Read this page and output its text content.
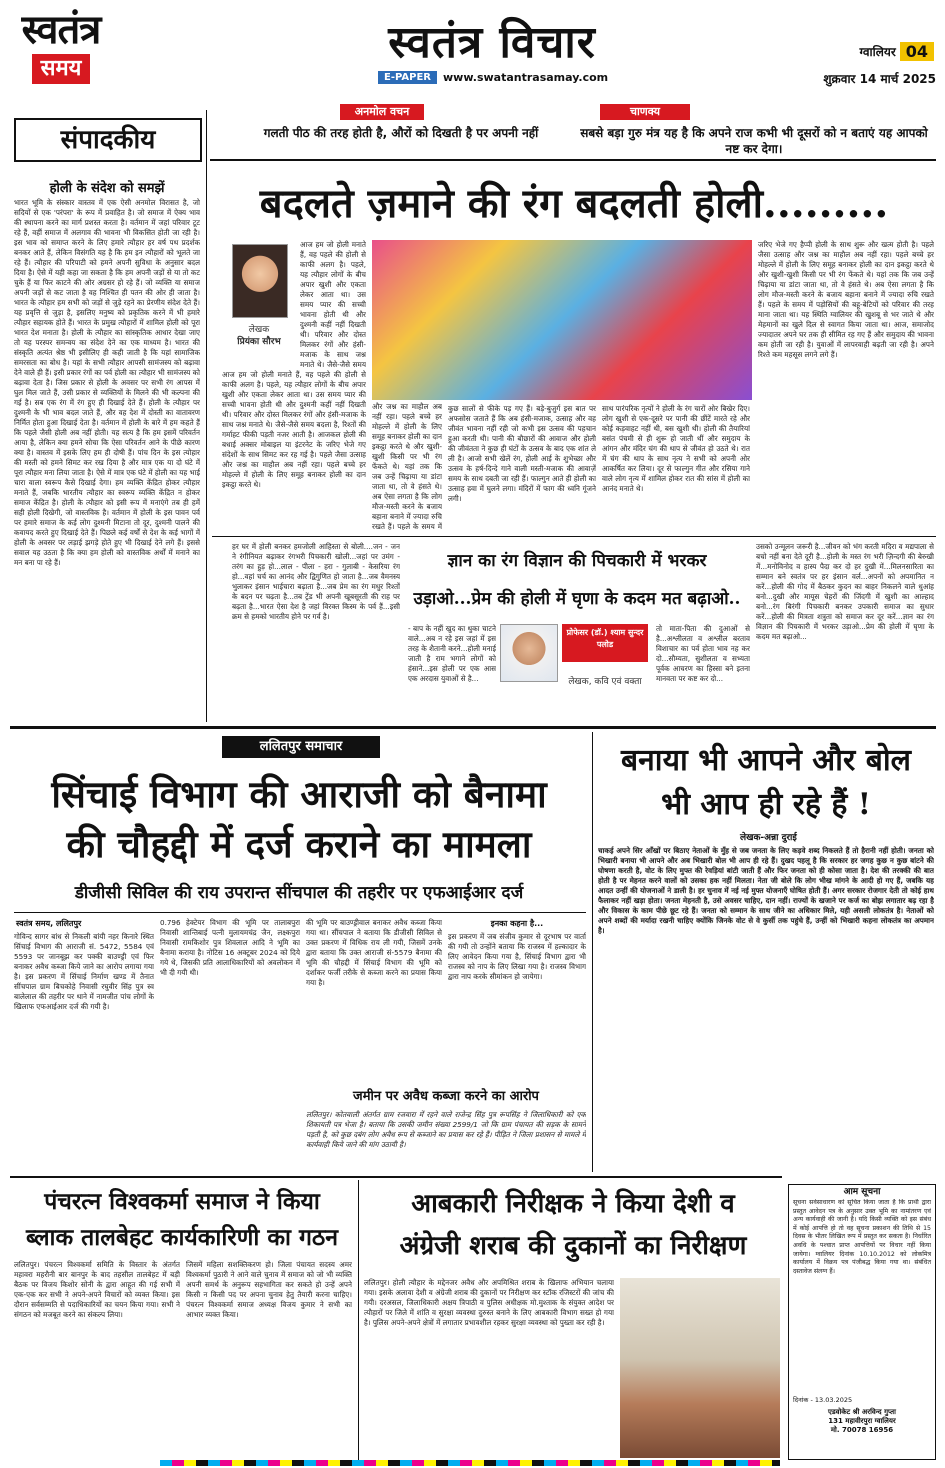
स्वतंत्र
समय
स्वतंत्र विचार
E-PAPER	www.swatantrasamay.com
ग्वालियर 04
शुक्रवार 14 मार्च 2025
अनमोल वचन
गलती पीठ की तरह होती है, औरों को दिखती है पर अपनी नहीं
चाणक्य
सबसे बड़ा गुरु मंत्र यह है कि अपने राज कभी भी दूसरों को न बताएं यह आपको नष्ट कर देगा।
संपादकीय
होली के संदेश को समझें
भारत भूमि के संस्कार वास्तव में एक ऐसी अनमोल विरासत है, जो सदियों से एक 'परंपरा' के रूप में प्रवाहित है। जो समाज में ऐक्य भाव की स्थापना करने का मार्ग प्रशस्त करता है। वर्तमान में जहां परिवार टूट रहे हैं, वहीं समाज में अलगाव की भावना भी विकसित होती जा रही है। इस भाव को समाप्त करने के लिए हमारे त्यौहार हर वर्ष पथ प्रदर्शक बनकर आते हैं, लेकिन विसंगति यह है कि हम इन त्यौहारों को भूलते जा रहे हैं। त्यौहार की परिपाटी को हमने अपनी सुविधा के अनुसार बदल दिया है। ऐसे में यही कहा जा सकता है कि हम अपनी जड़ों से या तो कट चुके हैं या फिर काटने की ओर अग्रसर हो रहे हैं। जो व्यक्ति या समाज अपनी जड़ों से कट जाता है वह निश्चित ही पतन की ओर ही जाता है। भारत के त्यौहार हम सभी को जड़ों से जुड़े रहने का प्रेरणीय संदेश देते हैं। यह प्रवृत्ति से जुड़ा है, इसलिए मनुष्य को प्रकृतिक करने में भी हमारे त्यौहार सहायक होते हैं। भारत के प्रमुख त्यौहारों में शामिल होली को पूरा भारत देश मनाता है। होली के त्यौहार का सांस्कृतिक आधार देखा जाए तो यह परस्पर समन्वय का संदेश देने का एक माध्यम है। भारत की संस्कृति अत्यंत श्रेष्ठ भी इसीलिए ही कही जाती है कि यहां सामाजिक समरसता का बोध है। यहां के सभी त्यौहार आपसी सामंजस्य को बढ़ावा देने वाले ही हैं। इसी प्रकार रंगों का पर्व होली का त्यौहार भी सामंजस्य को बढ़ावा देता है। जिस प्रकार से होली के अवसर पर सभी रंग आपस में घुल मिल जाते हैं, उसी प्रकार से व्यक्तियों के मिलने की भी कल्पना की गई है। सब एक रंग में रंग हुए ही दिखाई देते हैं। होली के त्यौहार पर दुश्मनी के भी भाव बदल जाते हैं, और वह देश में दोस्ती का वातावरण निर्मित होता हुआ दिखाई देता है। वर्तमान में होली के बारे में हम कहते हैं कि पहले जैसी होली अब नहीं होती। यह सत्य है कि हम इसमें परिवर्तन आया है, लेकिन क्या हमने सोचा कि ऐसा परिवर्तन आने के पीछे कारण क्या है। वास्तव में इसके लिए हम ही दोषी हैं। पांच दिन के इस त्योहार की मस्ती को हमने सिमट कर रख दिया है और मात्र एक या दो घंटे में पूरा त्यौहार मना लिया जाता है। ऐसे में मात्र एक घंटे में होली का यह भाई चारा वाला स्वरूप कैसे दिखाई देगा। हम व्यक्ति केंद्रित होकर त्यौहार मनाते हैं, जबकि भारतीय त्यौहार का स्वरूप व्यक्ति केंद्रित न होकर समाज केंद्रित है। होली के त्यौहार को इसी रूप में मनाएंगे तब ही हमें सही होली दिखेगी, जो वास्तविक है। वर्तमान में होली के इस पावन पर्व पर हमारे समाज के कई लोग दुश्मनी मिटाना तो दूर, दुश्मनी पालने की कवायद करते हुए दिखाई देते हैं। पिछले कई वर्षों से देश के कई भागों में होली के अवसर पर लड़ाई झगड़े होते हुए भी दिखाई देने लगे हैं। इससे सवाल यह उठता है कि क्या हम होली को वास्तविक अर्थों में मनाने का मन बना पा रहे हैं।
बदलते ज़माने की रंग बदलती होली.........
लेखक
प्रियंका सौरभ
आज हम जो होली मनाते हैं, वह पहले की होली से काफी अलग है। पहले, यह त्यौहार लोगों के बीच अपार खुशी और एकता लेकर आता था। उस समय प्यार की सच्ची भावना होती थी और दुश्मनी कहीं नहीं दिखती थी। परिवार और दोस्त मिलकर रंगों और हंसी-मजाक के साथ जश्न मनाते थे। जैसे-जैसे समय
आज हम जो होली मनाते हैं, वह पहले की होली से काफी अलग है। पहले, यह त्यौहार लोगों के बीच अपार खुशी और एकता लेकर आता था। उस समय प्यार की सच्ची भावना होती थी और दुश्मनी कहीं नहीं दिखती थी। परिवार और दोस्त मिलकर रंगों और हंसी-मजाक के साथ जश्न मनाते थे। जैसे-जैसे समय बदला है, रिश्तों की गर्माहट फीकी पड़ती नजर आती है। आजकल होली की बधाई अक्सर मोबाइल या इंटरनेट के जरिए भेजे गए संदेशों के साथ सिमट कर रह गई है। पहले जैसा उत्साह और जश्न का माहौल अब नहीं रहा। पहले बच्चे हर मोहल्ले में होली के लिए समूह बनाकर होली का दान इकट्ठा करते थे।
और जश्न का माहौल अब नहीं रहा। पहले बच्चे हर मोहल्ले में होली के लिए समूह बनाकर होली का दान इकट्ठा करते थे और खुशी-खुशी किसी पर भी रंग फेंकते थे। यहां तक कि जब उन्हें चिढ़ाया या डांटा जाता था, तो वे हंसते थे। अब ऐसा लगता है कि लोग मौज-मस्ती करने के बजाय बहाना बनाने में ज्यादा रुचि रखते हैं। पहले के समय में
कुछ सालों से फीके पड़ गए हैं। बड़े-बुजुर्ग इस बात पर अफसोस जताते हैं कि अब हंसी-मजाक, उत्साह और वह जीवंत भावना नहीं रही जो कभी इस उत्सव की पहचान हुआ करती थी। पानी की बौछारों की आवाज और होली की जीवंतता ने कुछ ही घंटों के उत्सव के बाद एक शांत ले ली है। आजो सभी खेलें रंग, होली आई के शुभेच्छा और उत्सव के हर्ष-दिन्दे गाने वाली मस्ती-मजाक की आवाज़ें समय के साथ दबती जा रही हैं। फाल्गुन आते ही होली का उत्साह हवा में घुलने लगा। मंदिरों में फाग की ध्वनि गूंजने लगी।
साथ पारंपरिक नृत्यों ने होली के रंग चारों ओर बिखेर दिए। लोग खुशी से एक-दूसरे पर पानी की छींटें मारते रहे और कोई कड़वाहट नहीं थी, बस खुशी थी। होली की तैयारियां बसंत पंचमी से ही शुरू हो जाती थीं और समुदाय के आंगन और मंदिर चंग की थाप से जीवंत हो उठते थे। रात में चंग की थाप के साथ नृत्य ने सभी को अपनी ओर आकर्षित कर लिया। दूर से फाल्गुन गीत और रसिया गाने वाले लोग नृत्य में शामिल होकर रात की सांस में होली का आनंद मनाते थे।
जरिए भेजे गए हैप्पी होली के साथ शुरू और खत्म होती है। पहले जैसा उत्साह और जश्न का माहौल अब नहीं रहा। पहले बच्चे हर मोहल्ले में होली के लिए समूह बनाकर होली का दान इकट्ठा करते थे और खुशी-खुशी किसी पर भी रंग फेंकते थे। यहां तक कि जब उन्हें चिढ़ाया या डांटा जाता था, तो वे हंसते थे। अब ऐसा लगता है कि लोग मौज-मस्ती करने के बजाय बहाना बनाने में ज्यादा रुचि रखते हैं। पहले के समय में पड़ोसियों की बहू-बेटियों को परिवार की तरह माना जाता था। यह स्थिति ग्वालियर की खुशबू से भर जाते थे और मेहमानों का खुले दिल से स्वागत किया जाता था। आज, समाजोद ज्यादातर अपने घर तक ही सीमित रह गए हैं और समुदाय की भावना कम होती जा रही है। युवाओं में लापरवाही बढ़ती जा रही है। अपने रिश्ते कम महसूस लगने लगे हैं।
हर घर में होली बनकर हमजोली आहिस्ता से बोली....जन - जन ने रंगीनियत बढ़ाकर रंगभरी पिचकारी खोली...जहां पर उमंग - तरंग का हुड़ हो...लाल - पीला - हरा - गुलाबी - केसरिया रंग हो...वहां चर्च का आनंद और द्विगुणित हो जाता है...जब वैमनस्य भुलाकर इंसान भाईचारा बढ़ाता है...जब प्रेम का रंग मधुर रिश्तों के बदन पर चढ़ता है...तब ट्रेंड भी अपनी खूबसूरती की राह पर बढ़ता है...भारत ऐसा देश है जहां विरक्त किस्म के पर्व हैं...इसी क्रम से हमको भारतीय होने पर गर्व है।
ज्ञान का रंग विज्ञान की पिचकारी में भरकर
उड़ाओ...प्रेम की होली में घृणा के कदम मत बढ़ाओ..
- बाप के नहीं खुद का थुका चाटने वाले...अब न रहे इस जहां में इस तरह के शैतानी करने...होली मनाई जाती है राम भगाने लोगों को हंसाने...इस होली पर एक आस एक अरदास युवाओं से है...
प्रोफेसर (डॉ.) श्याम सुन्दर पलोड
लेखक, कवि एवं वक्ता
तो माता-पिता की दुआओं से है...अश्लीलता व अश्लील बरताव विशाचार का पर्व होता भाव नह कर दो...सौम्यता, सुशीलता व सभ्यता पूर्वक आचरण का हिस्सा बने इतना मानवता पर कष्ट कर दो...
उसको उन्मूलन जरूरी है...जीवन को भंग करती मदिरा व मद्यपाला से बचो नहीं बना देते दूरी है...होली के मस्त रंग भरी ज़िन्दगी की बेरुखी में...मनोविनोद व हास्य पैदा कर दो हर दुखी में...मिलनसारिता का सम्मान बने स्वतंत्र पर हर इंसान वर्ल...अपनों को अपमानित न करें...होली की गोद में बैठकर कुदन का बाहर निकलने वाले धुआंह बनो...दुखी और मायूस चेहरों की जिंदगी में खुशी का आल्हाद बनो...रंग बिरंगी पिचकारी बनकर उपकारी समाज का सुधार करें...होली की मित्रता शत्रुता को समाज कर दूर करें...ज्ञान का रंग विज्ञान की पिचकारी में भरकर उड़ाओ...प्रेम की होली में घृणा के कदम मत बढ़ाओ...
ललितपुर समाचार
सिंचाई विभाग की आराजी को बैनामा
की चौहद्दी में दर्ज कराने का मामला
डीजीसी सिविल की राय उपरान्त सींचपाल की तहरीर पर एफआईआर दर्ज
स्वतंत्र समय, ललितपुर
गोविन्द सागर बांध से निकली बांयी नहर किनारे स्थित सिंचाई विभाग की आराजी सं. 5472, 5584 एवं 5593 पर जानबूझ कर पक्की बाउण्ड्री एवं फिर बनाकर अवैध कब्जा किये जाने का आरोप लगाया गया है। इस प्रकरण में सिंचाई निर्माण खण्ड में तैनात सींचपाल ग्राम बिचकोहे निवासी रघुवीर सिंह पुत्र स्व बालेलाल की तहरीर पर थाने में नामजीत पांच लोगों के खिलाफ एफआईआर दर्ज की गयी है।
0.796 हेक्टेयर विभाग की भूमि पर तालाबपुरा निवासी शान्तिबाई पत्नी मुलायमचंद्र जैन, लक्ष्कपुरा निवासी रामकिशोर पुत्र शिवलाल आदि ने भूमि का बैनामा कराया है। नोटिस 16 अक्टूबर 2024 को दिये गये थे, जिसकी प्रति आलाधिकारियों को अवलोकन में भी दी गयी थी।
की भूमि पर बाउण्ड्रीवाल बनाकर अवैध कब्जा किया गया था। सींचपाल ने बताया कि डीजीसी सिविल से उक्त प्रकरण में विधिक राय ली गयी, जिसमें उनके द्वारा बताया कि उक्त आराजी सं-5579 बैनामा की भूमि की चौहद्दी में सिंचाई विभाग की भूमि को दर्शाकर फर्जी तरीके से कब्जा करने का प्रयास किया गया है।
इनका कहना है...
इस प्रकरण में जब संजीव कुमार से दूरभाष पर वार्ता की गयी तो उन्होंने बताया कि राजस्व में हल्कादार के लिए आवेदन किया गया है, सिंचाई विभाग द्वारा भी राजस्व को नाप के लिए लिखा गया है। राजस्व विभाग द्वारा नाप करके सीमांकन हो जायेगा।
जमीन पर अवैध कब्जा करने का आरोप
ललितपुर। कोतवाली अंतर्गत ग्राम रजवारा में रहने वाले राजेन्द्र सिंह पुत्र रूपसिंह ने जिलाधिकारी को एक शिकायती पत्र भेजा है। बताया कि उसकी जमीन संख्या 2599/1 जो कि ग्राम पंचायत की सड़क के सामने पड़ती है, को कुछ दबंग लोग अवैध रूप से कब्जाने का प्रयास कर रहे हैं। पीड़ित ने जिला प्रशासन से मामले में कार्यवाही किये जाने की मांग उठायी है।
बनाया भी आपने और बोल
भी आप ही रहे हैं !
लेखक-अन्ना दुराई
चाकई अपने सिर आँखों पर बिठाए नेताओं के मुँह से जब जनता के लिए कड़वे शब्द निकलते हैं तो हैरानी नहीं होती। जनता को भिखारी बनाया भी आपने और अब भिखारी बोल भी आप ही रहे हैं। दुखद पहलू है कि सरकार हर जगह कुछ न कुछ बांटने की घोषणा करती है, वोट के लिए मुफ्त की रेवड़ियां बांटी जाती हैं और फिर जनता को ही कोसा जाता है। देश की तरक्की की बात होती है पर मेहनत करने वालों को उसका हक नहीं मिलता। नेता जी बोले कि लोग भीख मांगने के आदी हो गए हैं, जबकि यह आदत उन्हीं की योजनाओं ने डाली है। हर चुनाव में नई नई मुफ्त योजनाएँ घोषित होती हैं। अगर सरकार रोजगार देती तो कोई हाथ फैलाकर नहीं खड़ा होता। जनता मेहनती है, उसे अवसर चाहिए, दान नहीं। राज्यों के खजाने पर कर्ज का बोझ लगातार बढ़ रहा है और विकास के काम पीछे छूट रहे हैं। जनता को सम्मान के साथ जीने का अधिकार मिले, यही असली लोकतंत्र है। नेताओं को अपने शब्दों की मर्यादा रखनी चाहिए क्योंकि जिनके वोट से वे कुर्सी तक पहुंचे हैं, उन्हीं को भिखारी कहना लोकतंत्र का अपमान है।
पंचरत्न विश्वकर्मा समाज ने किया
ब्लाक तालबेहट कार्यकारिणी का गठन
ललितपुर। पंचरत्न विश्वकर्मा समिति के विस्तार के अंतर्गत महावरा महरौनी बार बानपुर के बाद तहसील तालबेहट में बड़ी बैठक पर विजय किशोर सोनी के द्वारा आहूत की गई सभी में एक-एक कर सभी ने अपने-अपने विचारों को व्यक्त किया। इस दौरान सर्वसम्मति से पदाधिकारियों का चयन किया गया। सभी ने संगठन को मजबूत करने का संकल्प लिया।
जिसमें महिला सशक्तिकरण हो। जिला पंचायत सदस्य अमर विश्वकर्मा पुठारी ने आने वाले चुनाव में समाज को जो भी व्यक्ति अपनी समर्थ के अनुरूप सहभागिता कर सकते हो उन्हें अपने किसी न किसी पद पर अपना चुनाव हेतु तैयारी करना चाहिए। पंचरत्न विश्वकर्मा समाज अध्यक्ष विजय कुमार ने सभी का आभार व्यक्त किया।
आबकारी निरीक्षक ने किया देशी व
अंग्रेजी शराब की दुकानों का निरीक्षण
ललितपुर। होली त्यौहार के मद्देनजर अवैध और अपमिश्रित शराब के खिलाफ अभियान चलाया गया। इसके अलावा देशी व अंग्रेजी शराब की दुकानों पर निरीक्षण कर स्टॉक रजिस्टरों की जांच की गयी। दरअसल, जिलाधिकारी अक्षय त्रिपाठी व पुलिस अधीक्षक मो.मुश्ताक के संयुक्त आदेश पर त्यौहारों पर जिले में शांति व सुरक्षा व्यवस्था दुरुस्त बनाने के लिए आबकारी विभाग सख्त हो गया है। पुलिस अपने-अपने क्षेत्रों में लगातार प्रभावशील रहकर सुरक्षा व्यवस्था को पुख्ता कर रही है।
आम सूचना
सूचना सर्वसाधारण को सूचित किया जाता है कि प्रार्थी द्वारा प्रस्तुत आवेदन पत्र के अनुसार उक्त भूमि का नामांतरण एवं अन्य कार्यवाही की जानी है। यदि किसी व्यक्ति को इस संबंध में कोई आपत्ति हो तो वह सूचना प्रकाशन की तिथि से 15 दिवस के भीतर लिखित रूप में प्रस्तुत कर सकता है। निर्धारित अवधि के पश्चात प्राप्त आपत्तियों पर विचार नहीं किया जायेगा। ग्वालियर दिनांक 10.10.2012 को लोकमित्र कार्यालय में विक्रय पत्र पंजीबद्ध किया गया था। संबंधित दस्तावेज संलग्न हैं।
दिनांक - 13.03.2025
एडवोकेट श्री अरविन्द गुप्ता
131 महावीरपुरा ग्वालियर
मो. 70078 16956
